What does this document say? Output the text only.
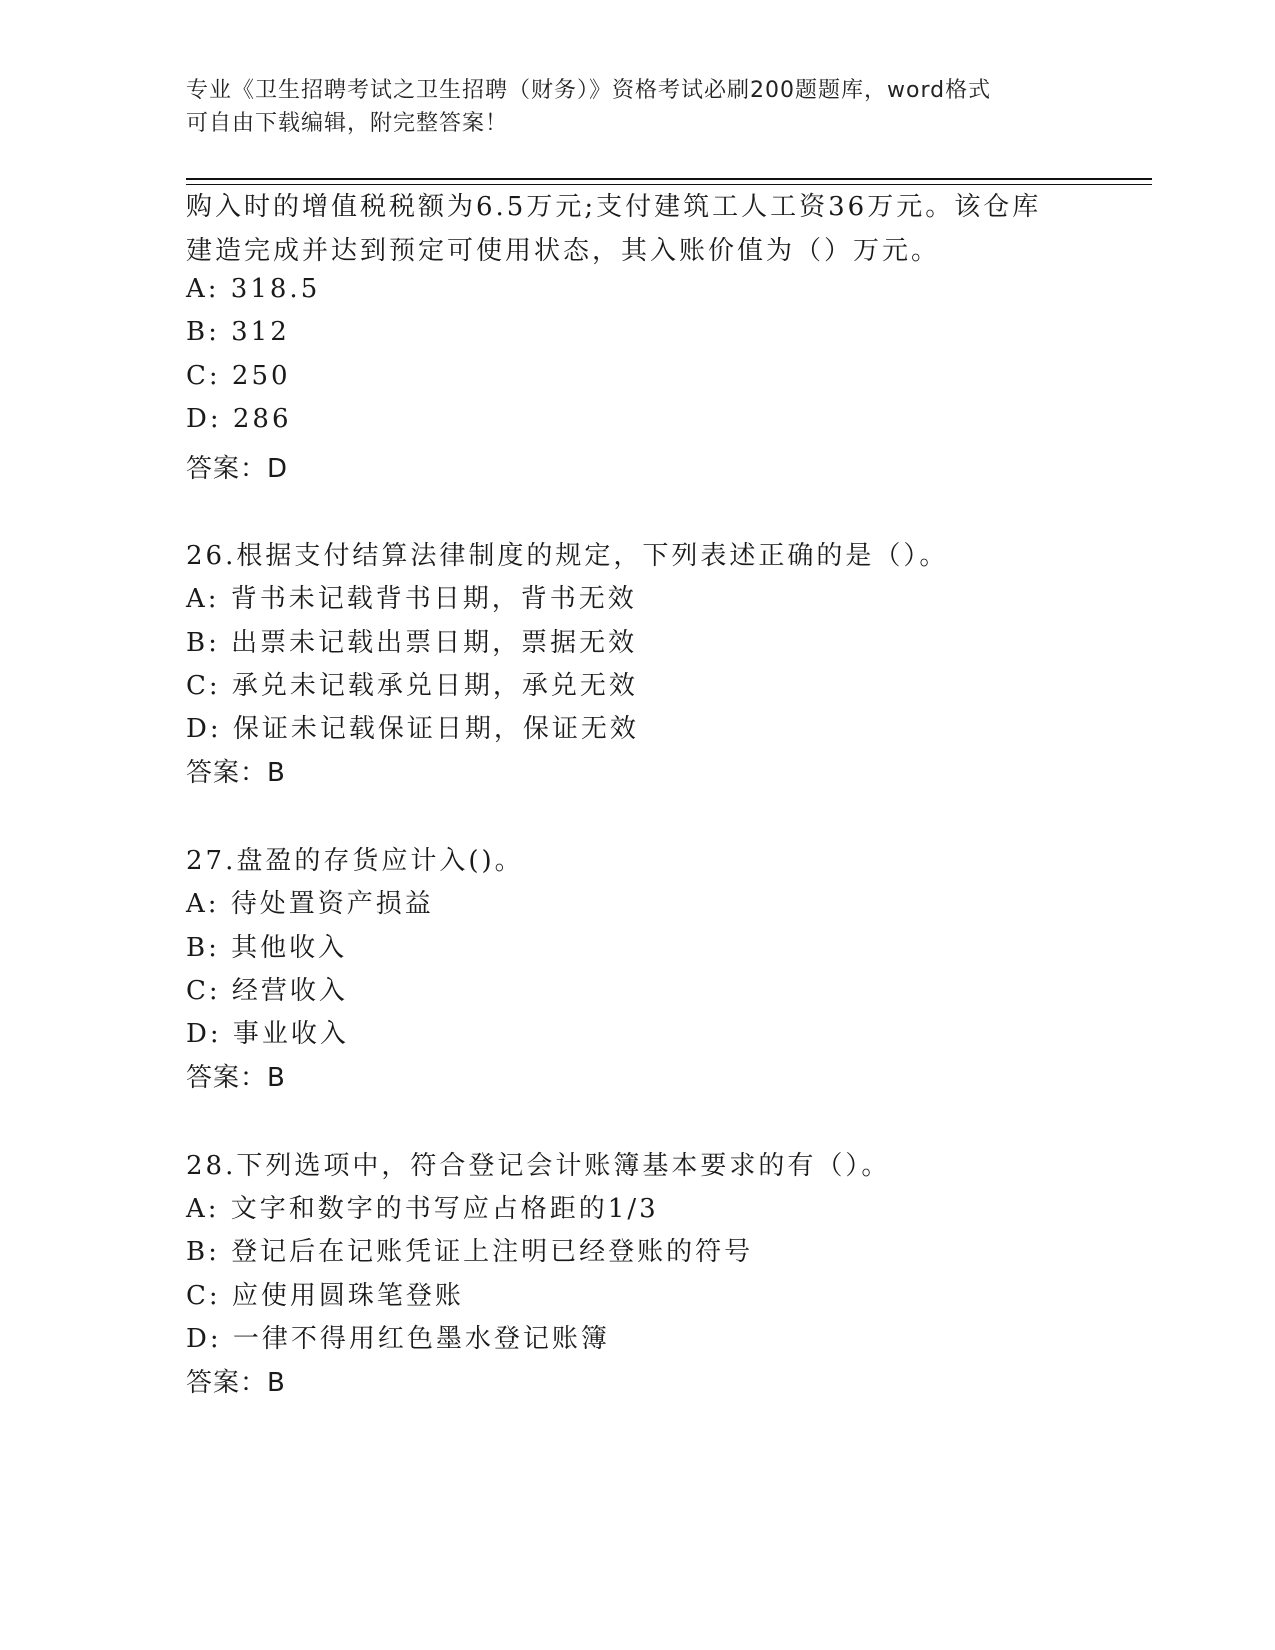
专业《卫生招聘考试之卫生招聘（财务）》资格考试必刷200题题库，word格式
可自由下载编辑，附完整答案！
购入时的增值税税额为6.5万元;支付建筑工人工资36万元。该仓库
建造完成并达到预定可使用状态，其入账价值为（）万元。
A: 318.5
B: 312
C: 250
D: 286
答案：D
26.根据支付结算法律制度的规定，下列表述正确的是（）。
A: 背书未记载背书日期，背书无效
B: 出票未记载出票日期，票据无效
C: 承兑未记载承兑日期，承兑无效
D: 保证未记载保证日期，保证无效
答案：B
27.盘盈的存货应计入()。
A: 待处置资产损益
B: 其他收入
C: 经营收入
D: 事业收入
答案：B
28.下列选项中，符合登记会计账簿基本要求的有（）。
A: 文字和数字的书写应占格距的1/3
B: 登记后在记账凭证上注明已经登账的符号
C: 应使用圆珠笔登账
D: 一律不得用红色墨水登记账簿
答案：B
